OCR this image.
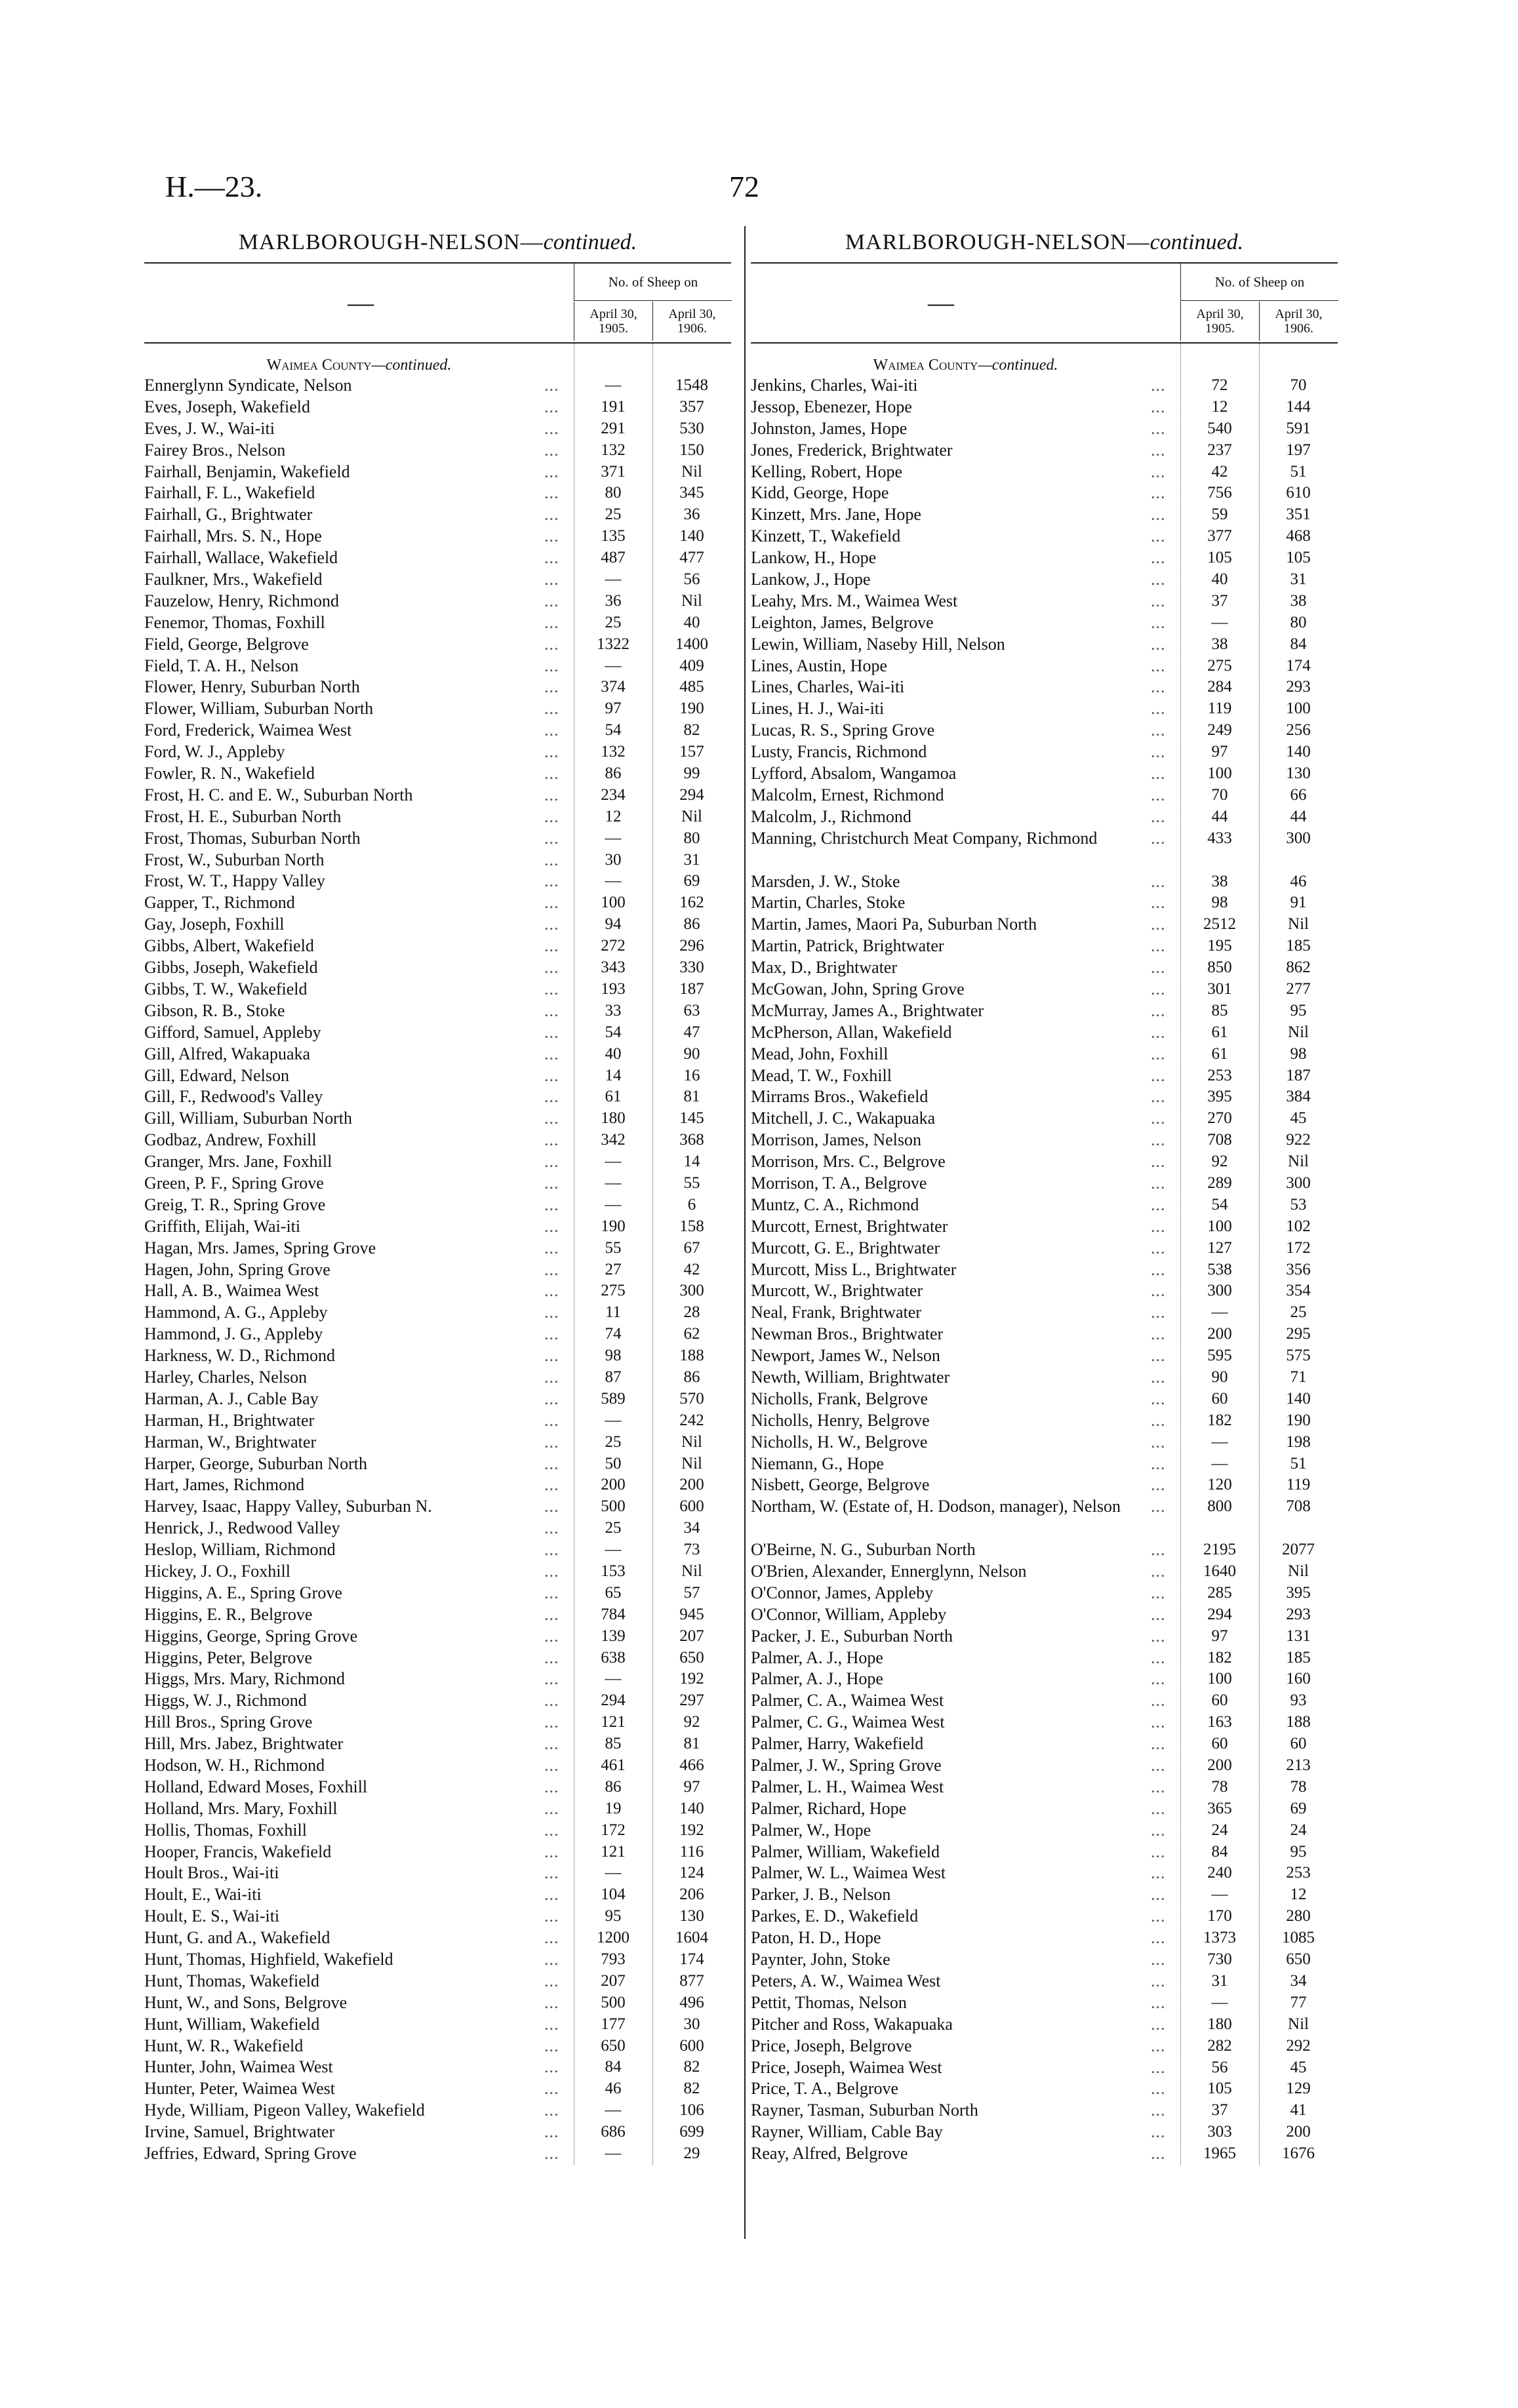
H.—23.	72
MARLBOROUGH-NELSON—continued.
—
No. of Sheep on
April 30, 1905.
April 30, 1906.
Waimea County—continued.
Ennerglynn Syndicate, Nelson	...	—	1548
Eves, Joseph, Wakefield	...	191	357
Eves, J. W., Wai-iti	...	291	530
Fairey Bros., Nelson	...	132	150
Fairhall, Benjamin, Wakefield	...	371	Nil
Fairhall, F. L., Wakefield	...	80	345
Fairhall, G., Brightwater	...	25	36
Fairhall, Mrs. S. N., Hope	...	135	140
Fairhall, Wallace, Wakefield	...	487	477
Faulkner, Mrs., Wakefield	...	—	56
Fauzelow, Henry, Richmond	...	36	Nil
Fenemor, Thomas, Foxhill	...	25	40
Field, George, Belgrove	...	1322	1400
Field, T. A. H., Nelson	...	—	409
Flower, Henry, Suburban North	...	374	485
Flower, William, Suburban North	...	97	190
Ford, Frederick, Waimea West	...	54	82
Ford, W. J., Appleby	...	132	157
Fowler, R. N., Wakefield	...	86	99
Frost, H. C. and E. W., Suburban North	...	234	294
Frost, H. E., Suburban North	...	12	Nil
Frost, Thomas, Suburban North	...	—	80
Frost, W., Suburban North	...	30	31
Frost, W. T., Happy Valley	...	—	69
Gapper, T., Richmond	...	100	162
Gay, Joseph, Foxhill	...	94	86
Gibbs, Albert, Wakefield	...	272	296
Gibbs, Joseph, Wakefield	...	343	330
Gibbs, T. W., Wakefield	...	193	187
Gibson, R. B., Stoke	...	33	63
Gifford, Samuel, Appleby	...	54	47
Gill, Alfred, Wakapuaka	...	40	90
Gill, Edward, Nelson	...	14	16
Gill, F., Redwood's Valley	...	61	81
Gill, William, Suburban North	...	180	145
Godbaz, Andrew, Foxhill	...	342	368
Granger, Mrs. Jane, Foxhill	...	—	14
Green, P. F., Spring Grove	...	—	55
Greig, T. R., Spring Grove	...	—	6
Griffith, Elijah, Wai-iti	...	190	158
Hagan, Mrs. James, Spring Grove	...	55	67
Hagen, John, Spring Grove	...	27	42
Hall, A. B., Waimea West	...	275	300
Hammond, A. G., Appleby	...	11	28
Hammond, J. G., Appleby	...	74	62
Harkness, W. D., Richmond	...	98	188
Harley, Charles, Nelson	...	87	86
Harman, A. J., Cable Bay	...	589	570
Harman, H., Brightwater	...	—	242
Harman, W., Brightwater	...	25	Nil
Harper, George, Suburban North	...	50	Nil
Hart, James, Richmond	...	200	200
Harvey, Isaac, Happy Valley, Suburban N.	...	500	600
Henrick, J., Redwood Valley	...	25	34
Heslop, William, Richmond	...	—	73
Hickey, J. O., Foxhill	...	153	Nil
Higgins, A. E., Spring Grove	...	65	57
Higgins, E. R., Belgrove	...	784	945
Higgins, George, Spring Grove	...	139	207
Higgins, Peter, Belgrove	...	638	650
Higgs, Mrs. Mary, Richmond	...	—	192
Higgs, W. J., Richmond	...	294	297
Hill Bros., Spring Grove	...	121	92
Hill, Mrs. Jabez, Brightwater	...	85	81
Hodson, W. H., Richmond	...	461	466
Holland, Edward Moses, Foxhill	...	86	97
Holland, Mrs. Mary, Foxhill	...	19	140
Hollis, Thomas, Foxhill	...	172	192
Hooper, Francis, Wakefield	...	121	116
Hoult Bros., Wai-iti	...	—	124
Hoult, E., Wai-iti	...	104	206
Hoult, E. S., Wai-iti	...	95	130
Hunt, G. and A., Wakefield	...	1200	1604
Hunt, Thomas, Highfield, Wakefield	...	793	174
Hunt, Thomas, Wakefield	...	207	877
Hunt, W., and Sons, Belgrove	...	500	496
Hunt, William, Wakefield	...	177	30
Hunt, W. R., Wakefield	...	650	600
Hunter, John, Waimea West	...	84	82
Hunter, Peter, Waimea West	...	46	82
Hyde, William, Pigeon Valley, Wakefield	...	—	106
Irvine, Samuel, Brightwater	...	686	699
Jeffries, Edward, Spring Grove	...	—	29
MARLBOROUGH-NELSON—continued.
—
No. of Sheep on
April 30, 1905.
April 30, 1906.
Waimea County—continued.
Jenkins, Charles, Wai-iti	...	72	70
Jessop, Ebenezer, Hope	...	12	144
Johnston, James, Hope	...	540	591
Jones, Frederick, Brightwater	...	237	197
Kelling, Robert, Hope	...	42	51
Kidd, George, Hope	...	756	610
Kinzett, Mrs. Jane, Hope	...	59	351
Kinzett, T., Wakefield	...	377	468
Lankow, H., Hope	...	105	105
Lankow, J., Hope	...	40	31
Leahy, Mrs. M., Waimea West	...	37	38
Leighton, James, Belgrove	...	—	80
Lewin, William, Naseby Hill, Nelson	...	38	84
Lines, Austin, Hope	...	275	174
Lines, Charles, Wai-iti	...	284	293
Lines, H. J., Wai-iti	...	119	100
Lucas, R. S., Spring Grove	...	249	256
Lusty, Francis, Richmond	...	97	140
Lyfford, Absalom, Wangamoa	...	100	130
Malcolm, Ernest, Richmond	...	70	66
Malcolm, J., Richmond	...	44	44
Manning, Christchurch Meat Company, Richmond	...	433	300
Marsden, J. W., Stoke	...	38	46
Martin, Charles, Stoke	...	98	91
Martin, James, Maori Pa, Suburban North	...	2512	Nil
Martin, Patrick, Brightwater	...	195	185
Max, D., Brightwater	...	850	862
McGowan, John, Spring Grove	...	301	277
McMurray, James A., Brightwater	...	85	95
McPherson, Allan, Wakefield	...	61	Nil
Mead, John, Foxhill	...	61	98
Mead, T. W., Foxhill	...	253	187
Mirrams Bros., Wakefield	...	395	384
Mitchell, J. C., Wakapuaka	...	270	45
Morrison, James, Nelson	...	708	922
Morrison, Mrs. C., Belgrove	...	92	Nil
Morrison, T. A., Belgrove	...	289	300
Muntz, C. A., Richmond	...	54	53
Murcott, Ernest, Brightwater	...	100	102
Murcott, G. E., Brightwater	...	127	172
Murcott, Miss L., Brightwater	...	538	356
Murcott, W., Brightwater	...	300	354
Neal, Frank, Brightwater	...	—	25
Newman Bros., Brightwater	...	200	295
Newport, James W., Nelson	...	595	575
Newth, William, Brightwater	...	90	71
Nicholls, Frank, Belgrove	...	60	140
Nicholls, Henry, Belgrove	...	182	190
Nicholls, H. W., Belgrove	...	—	198
Niemann, G., Hope	...	—	51
Nisbett, George, Belgrove	...	120	119
Northam, W. (Estate of, H. Dodson, manager), Nelson	...	800	708
O'Beirne, N. G., Suburban North	...	2195	2077
O'Brien, Alexander, Ennerglynn, Nelson	...	1640	Nil
O'Connor, James, Appleby	...	285	395
O'Connor, William, Appleby	...	294	293
Packer, J. E., Suburban North	...	97	131
Palmer, A. J., Hope	...	182	185
Palmer, A. J., Hope	...	100	160
Palmer, C. A., Waimea West	...	60	93
Palmer, C. G., Waimea West	...	163	188
Palmer, Harry, Wakefield	...	60	60
Palmer, J. W., Spring Grove	...	200	213
Palmer, L. H., Waimea West	...	78	78
Palmer, Richard, Hope	...	365	69
Palmer, W., Hope	...	24	24
Palmer, William, Wakefield	...	84	95
Palmer, W. L., Waimea West	...	240	253
Parker, J. B., Nelson	...	—	12
Parkes, E. D., Wakefield	...	170	280
Paton, H. D., Hope	...	1373	1085
Paynter, John, Stoke	...	730	650
Peters, A. W., Waimea West	...	31	34
Pettit, Thomas, Nelson	...	—	77
Pitcher and Ross, Wakapuaka	...	180	Nil
Price, Joseph, Belgrove	...	282	292
Price, Joseph, Waimea West	...	56	45
Price, T. A., Belgrove	...	105	129
Rayner, Tasman, Suburban North	...	37	41
Rayner, William, Cable Bay	...	303	200
Reay, Alfred, Belgrove	...	1965	1676
